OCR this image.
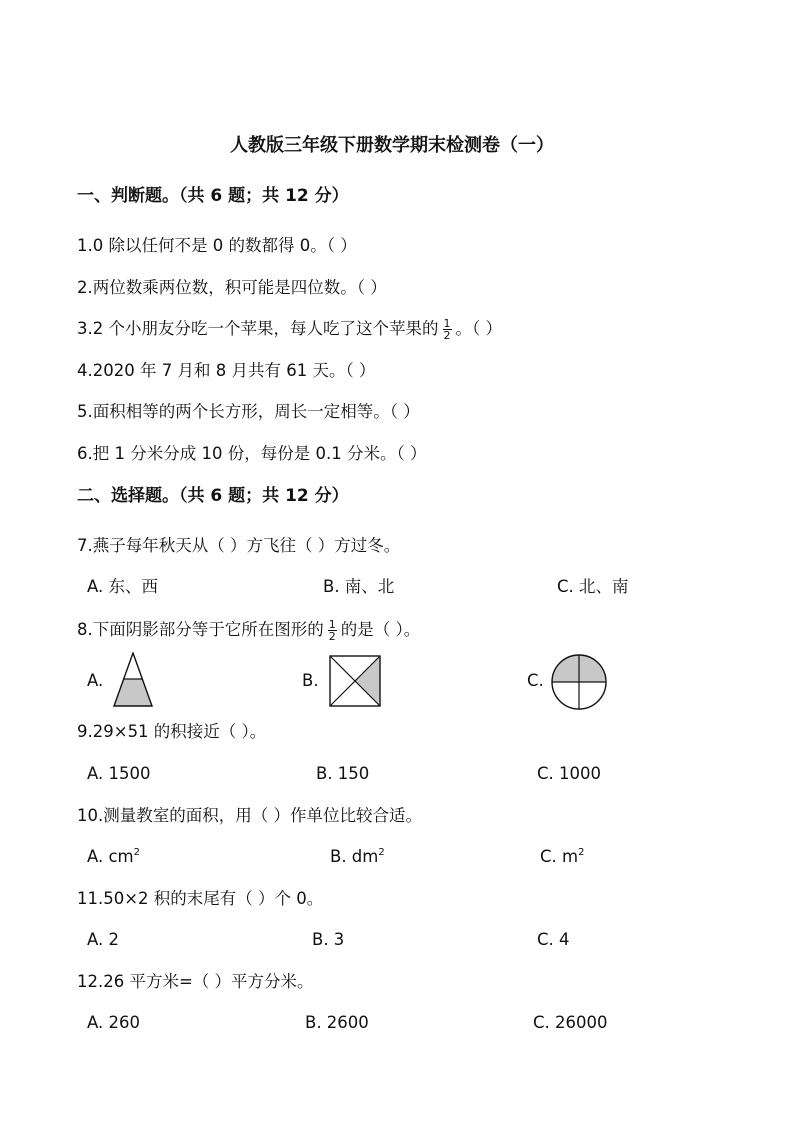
人教版三年级下册数学期末检测卷（一）
一、判断题。（共 6 题；共 12 分）
1.0 除以任何不是 0 的数都得 0。（ ）
2.两位数乘两位数，积可能是四位数。（ ）
3.2 个小朋友分吃一个苹果，每人吃了这个苹果的 $\frac{1}{2}$ 。（ ）
4.2020 年 7 月和 8 月共有 61 天。（ ）
5.面积相等的两个长方形，周长一定相等。（ ）
6.把 1 分米分成 10 份，每份是 0.1 分米。（ ）
二、选择题。（共 6 题；共 12 分）
7.燕子每年秋天从（ ）方飞往（ ）方过冬。
A. 东、西	B. 南、北	C. 北、南
8.下面阴影部分等于它所在图形的 $\frac{1}{2}$ 的是（ ）。
A.	B.	C.
9.29×51 的积接近（ ）。
A. 1500	B. 150	C. 1000
10.测量教室的面积，用（ ）作单位比较合适。
A. $cm^2$	B. $dm^2$	C. $m^2$
11.50×2 积的末尾有（ ）个 0。
A. 2	B. 3	C. 4
12.26 平方米=（ ）平方分米。
A. 260	B. 2600	C. 26000
